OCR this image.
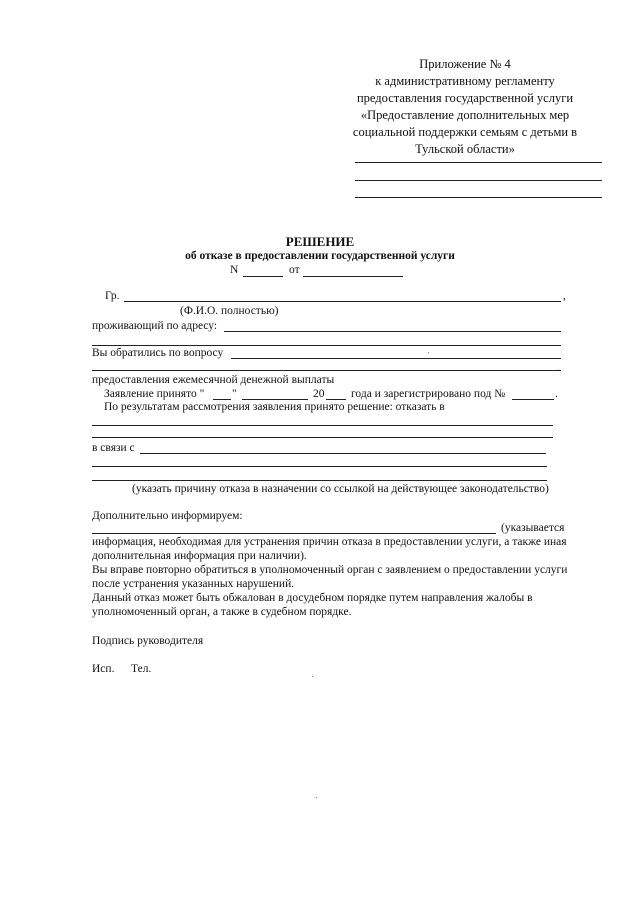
Приложение № 4
к административному регламенту
предоставления государственной услуги
«Предоставление дополнительных мер
социальной поддержки семьям с детьми в
Тульской области»
РЕШЕНИЕ
об отказе в предоставлении государственной услуги
N	от
Гр.	,
(Ф.И.О. полностью)
проживающий по адресу:
Вы обратились по вопросу
.
предоставления ежемесячной денежной выплаты
Заявление принято " "	20 года и зарегистрировано под №	.
По результатам рассмотрения заявления принято решение: отказать в
в связи с
(указать причину отказа в назначении со ссылкой на действующее законодательство)
Дополнительно информируем:
(указывается
информация, необходимая для устранения причин отказа в предоставлении услуги, а также иная
дополнительная информация при наличии).
Вы вправе повторно обратиться в уполномоченный орган с заявлением о предоставлении услуги
после устранения указанных нарушений.
Данный отказ может быть обжалован в досудебном порядке путем направления жалобы в
уполномоченный орган, а также в судебном порядке.
Подпись руководителя
Исп. Тел.
